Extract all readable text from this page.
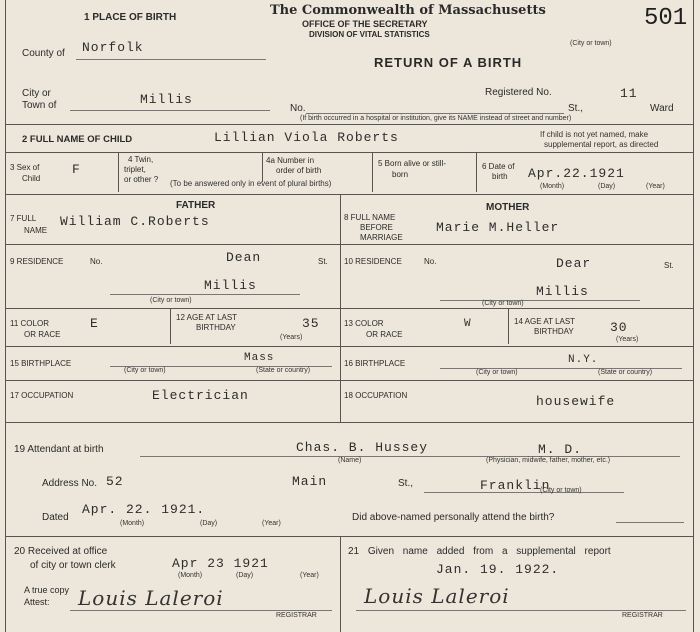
1 PLACE OF BIRTH	The Commonwealth of Massachusetts
OFFICE OF THE SECRETARY
DIVISION OF VITAL STATISTICS
501
(City or town)
County of Norfolk
RETURN OF A BIRTH
City or
Town of	Millis
No.
Registered No.	11
St.,	Ward
(If birth occurred in a hospital or institution, give its NAME instead of street and number)
2 FULL NAME OF CHILD	Lillian Viola Roberts	If child is not yet named, make
supplemental report, as directed
3 Sex of
Child
F
4 Twin,
triplet,
or other ?
4a Number in
order of birth
(To be answered only in event of plural births)
5 Born alive or still-
born
6 Date of
birth Apr.22.1921
(Month)	(Day)	(Year)
FATHER	MOTHER
7 FULL
NAME
William C.Roberts	8 FULL NAME
BEFORE
MARRIAGE
Marie M.Heller
9 RESIDENCE	No.	Dean	St.
Millis
(City or town)
10 RESIDENCE	No.	Dear	St.
Millis
(City or town)
11 COLOR
OR RACE
E	12 AGE AT LAST
BIRTHDAY	35
(Years)
13 COLOR
OR RACE
W	14 AGE AT LAST
BIRTHDAY	30
(Years)
15 BIRTHPLACE	Mass
(City or town)	(State or country)
16 BIRTHPLACE	N.Y.
(City or town)	(State or country)
17 OCCUPATION	Electrician	18 OCCUPATION	housewife
19 Attendant at birth	Chas. B. Hussey	M. D.
(Name)	(Physician, midwife, father, mother, etc.)
Address No. 52	Main	St.,	Franklin
(City or town)
Dated
Apr. 22. 1921.
(Month)	(Day)	(Year)
Did above-named personally attend the birth?
20 Received at office
of city or town clerk	Apr 23 1921
(Month)	(Day)	(Year)
A true copy
Attest: Louis Laleroi
REGISTRAR
21 Given name added from a supplemental report
Jan. 19. 1922.
Louis Laleroi
REGISTRAR
